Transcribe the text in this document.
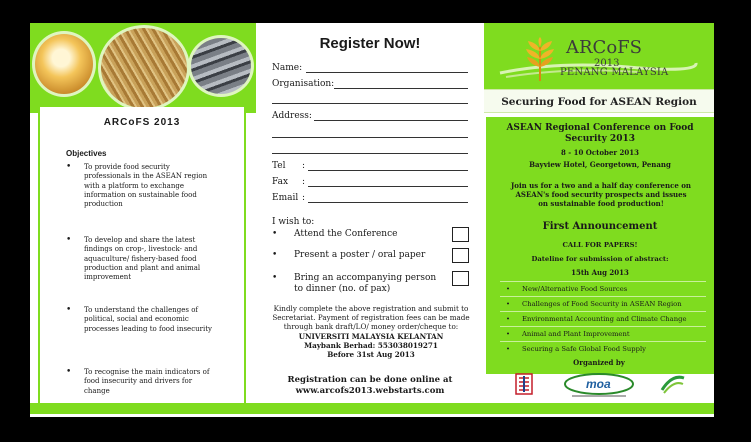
ARCoFS 2013
Objectives
• To provide food security professionals in the ASEAN region with a platform to exchange information on sustainable food production
• To develop and share the latest findings on crop-, livestock- and aquaculture/ fishery-based food production and plant and animal improvement
• To understand the challenges of political, social and economic processes leading to food insecurity
• To recognise the main indicators of food insecurity and drivers for change
Register Now!
Name:
Organisation:
Address:
Tel :
Fax :
Email :
I wish to:
• Attend the Conference
• Present a poster / oral paper
• Bring an accompanying person to dinner (no. of pax)
Kindly complete the above registration and submit to Secretariat. Payment of registration fees can be made through bank draft/LO/ money order/cheque to:
UNIVERSITI MALAYSIA KELANTAN
Maybank Berhad: 553038019271
Before 31st Aug 2013
Registration can be done online at
www.arcofs2013.webstarts.com
ARCoFS
2013
PENANG MALAYSIA
Securing Food for ASEAN Region
ASEAN Regional Conference on Food Security 2013
8 - 10 October 2013
Bayview Hotel, Georgetown, Penang
Join us for a two and a half day conference on ASEAN's food security prospects and issues on sustainable food production!
First Announcement
CALL FOR PAPERS!
Dateline for submission of abstract:
15th Aug 2013
• New/Alternative Food Sources
• Challenges of Food Security in ASEAN Region
• Environmental Accounting and Climate Change
• Animal and Plant Improvement
• Securing a Safe Global Food Supply
Organized by
moa
